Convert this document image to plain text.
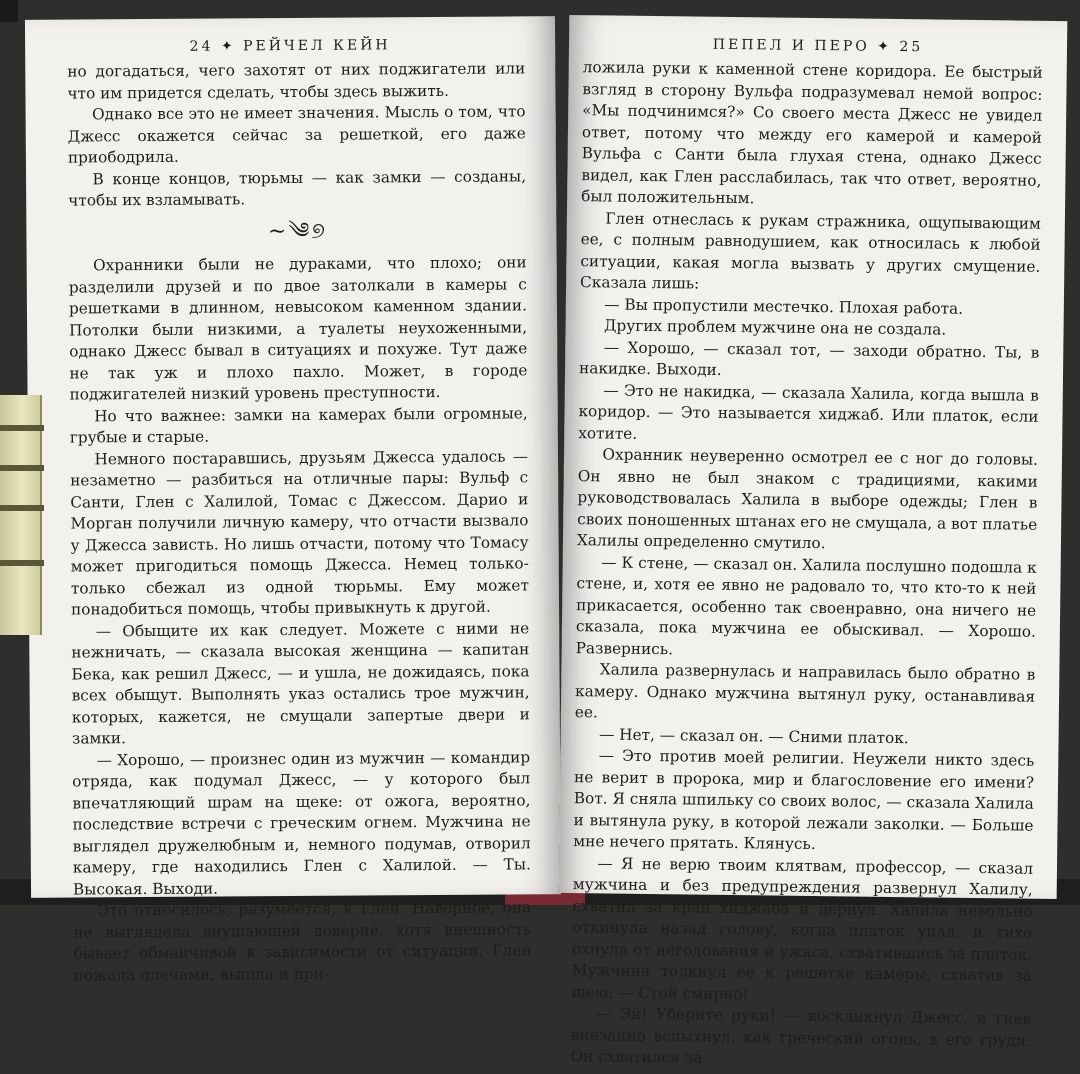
24 ✦ РЕЙЧЕЛ КЕЙН

но догадаться, чего захотят от них поджигатели или что им придется сделать, чтобы здесь выжить.

Однако все это не имеет значения. Мысль о том, что Джесс окажется сейчас за решеткой, его даже приободрила.

В конце концов, тюрьмы — как замки — созданы, чтобы их взламывать.

~༄୭

Охранники были не дураками, что плохо; они разделили друзей и по двое затолкали в камеры с решетками в длинном, невысоком каменном здании. Потолки были низкими, а туалеты неухоженными, однако Джесс бывал в ситуациях и похуже. Тут даже не так уж и плохо пахло. Может, в городе поджигателей низкий уровень преступности.

Но что важнее: замки на камерах были огромные, грубые и старые.

Немного постаравшись, друзьям Джесса удалось — незаметно — разбиться на отличные пары: Вульф с Санти, Глен с Халилой, Томас с Джессом. Дарио и Морган получили личную камеру, что отчасти вызвало у Джесса зависть. Но лишь отчасти, потому что Томасу может пригодиться помощь Джесса. Немец только-только сбежал из одной тюрьмы. Ему может понадобиться помощь, чтобы привыкнуть к другой.

— Обыщите их как следует. Можете с ними не нежничать, — сказала высокая женщина — капитан Бека, как решил Джесс, — и ушла, не дожидаясь, пока всех обыщут. Выполнять указ остались трое мужчин, которых, кажется, не смущали запертые двери и замки.

— Хорошо, — произнес один из мужчин — командир отряда, как подумал Джесс, — у которого был впечатляющий шрам на щеке: от ожога, вероятно, последствие встречи с греческим огнем. Мужчина не выглядел дружелюбным и, немного подумав, отворил камеру, где находились Глен с Халилой. — Ты. Высокая. Выходи.

Это относилось, разумеется, к Глен. Наверное, она не выглядела внушающей доверие, хотя внешность бывает обманчивой в зависимости от ситуации. Глен пожала плечами, вышла и при-

ПЕПЕЛ И ПЕРО ✦ 25

ложила руки к каменной стене коридора. Ее быстрый взгляд в сторону Вульфа подразумевал немой вопрос: «Мы подчинимся?» Со своего места Джесс не увидел ответ, потому что между его камерой и камерой Вульфа с Санти была глухая стена, однако Джесс видел, как Глен расслабилась, так что ответ, вероятно, был положительным.

Глен отнеслась к рукам стражника, ощупывающим ее, с полным равнодушием, как относилась к любой ситуации, какая могла вызвать у других смущение. Сказала лишь:

— Вы пропустили местечко. Плохая работа.

Других проблем мужчине она не создала.

— Хорошо, — сказал тот, — заходи обратно. Ты, в накидке. Выходи.

— Это не накидка, — сказала Халила, когда вышла в коридор. — Это называется хиджаб. Или платок, если хотите.

Охранник неуверенно осмотрел ее с ног до головы. Он явно не был знаком с традициями, какими руководствовалась Халила в выборе одежды; Глен в своих поношенных штанах его не смущала, а вот платье Халилы определенно смутило.

— К стене, — сказал он. Халила послушно подошла к стене, и, хотя ее явно не радовало то, что кто-то к ней прикасается, особенно так своенравно, она ничего не сказала, пока мужчина ее обыскивал. — Хорошо. Развернись.

Халила развернулась и направилась было обратно в камеру. Однако мужчина вытянул руку, останавливая ее.

— Нет, — сказал он. — Сними платок.

— Это против моей религии. Неужели никто здесь не верит в пророка, мир и благословение его имени? Вот. Я сняла шпильку со своих волос, — сказала Халила и вытянула руку, в которой лежали заколки. — Больше мне нечего прятать. Клянусь.

— Я не верю твоим клятвам, профессор, — сказал мужчина и без предупреждения развернул Халилу, схватил за край хиджаба и дернул. Халила невольно откинула назад голову, когда платок упал, и тихо охнула от негодования и ужаса, схватившись за платок. Мужчина толкнул ее к решетке камеры, схватив за шею: — Стой смирно!

— Эй! Уберите руки! — воскликнул Джесс, и гнев внезапно вспыхнул, как греческий огонь, в его груди. Он схватился за
